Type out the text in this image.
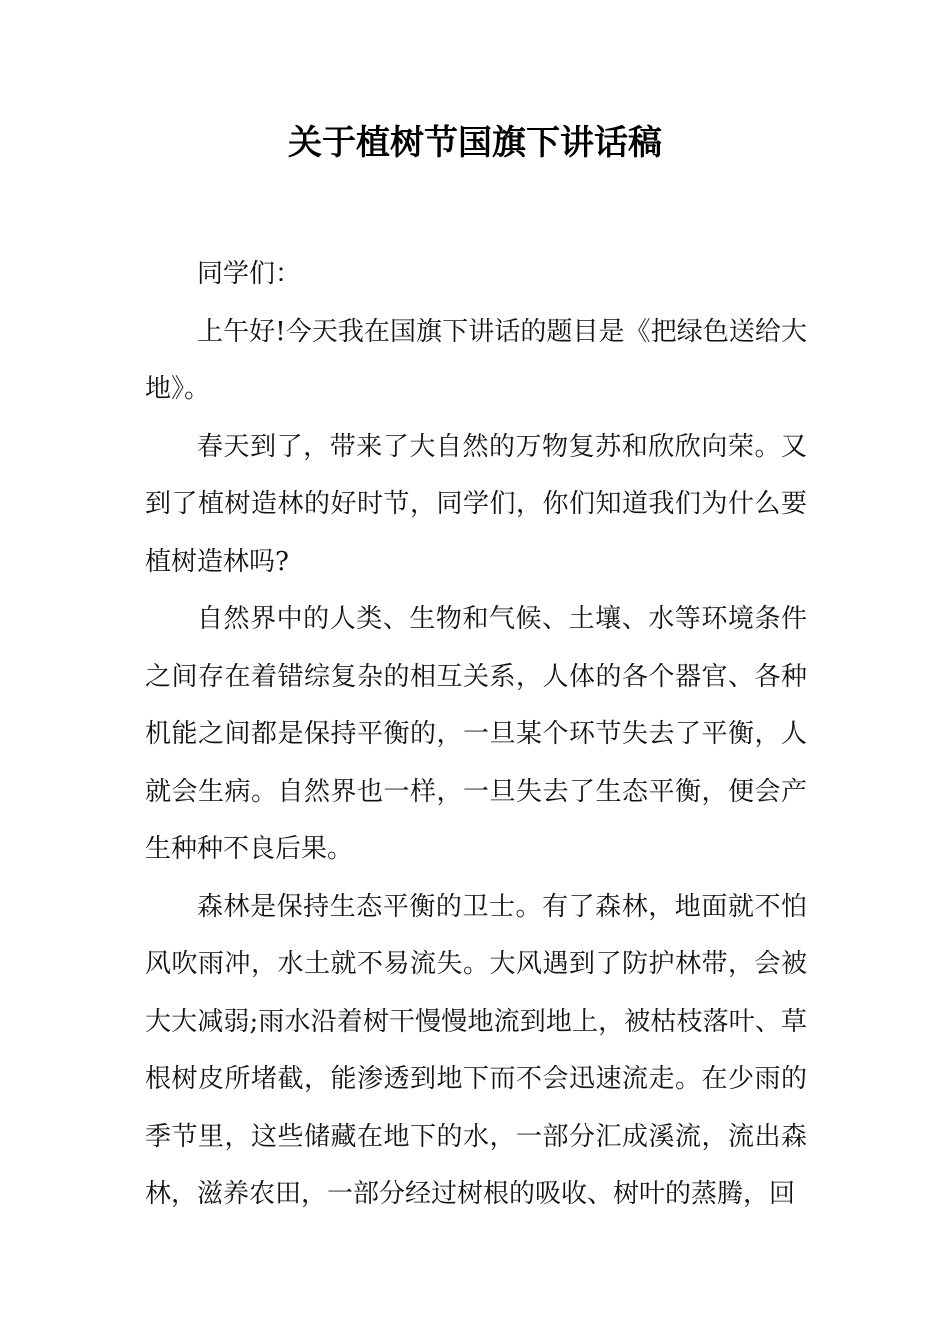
关于植树节国旗下讲话稿

同学们：

上午好!今天我在国旗下讲话的题目是《把绿色送给大地》。

春天到了，带来了大自然的万物复苏和欣欣向荣。又到了植树造林的好时节，同学们，你们知道我们为什么要植树造林吗?

自然界中的人类、生物和气候、土壤、水等环境条件之间存在着错综复杂的相互关系，人体的各个器官、各种机能之间都是保持平衡的，一旦某个环节失去了平衡，人就会生病。自然界也一样，一旦失去了生态平衡，便会产生种种不良后果。

森林是保持生态平衡的卫士。有了森林，地面就不怕风吹雨冲，水土就不易流失。大风遇到了防护林带，会被大大减弱;雨水沿着树干慢慢地流到地上，被枯枝落叶、草根树皮所堵截，能渗透到地下而不会迅速流走。在少雨的季节里，这些储藏在地下的水，一部分汇成溪流，流出森林，滋养农田，一部分经过树根的吸收、树叶的蒸腾，回
